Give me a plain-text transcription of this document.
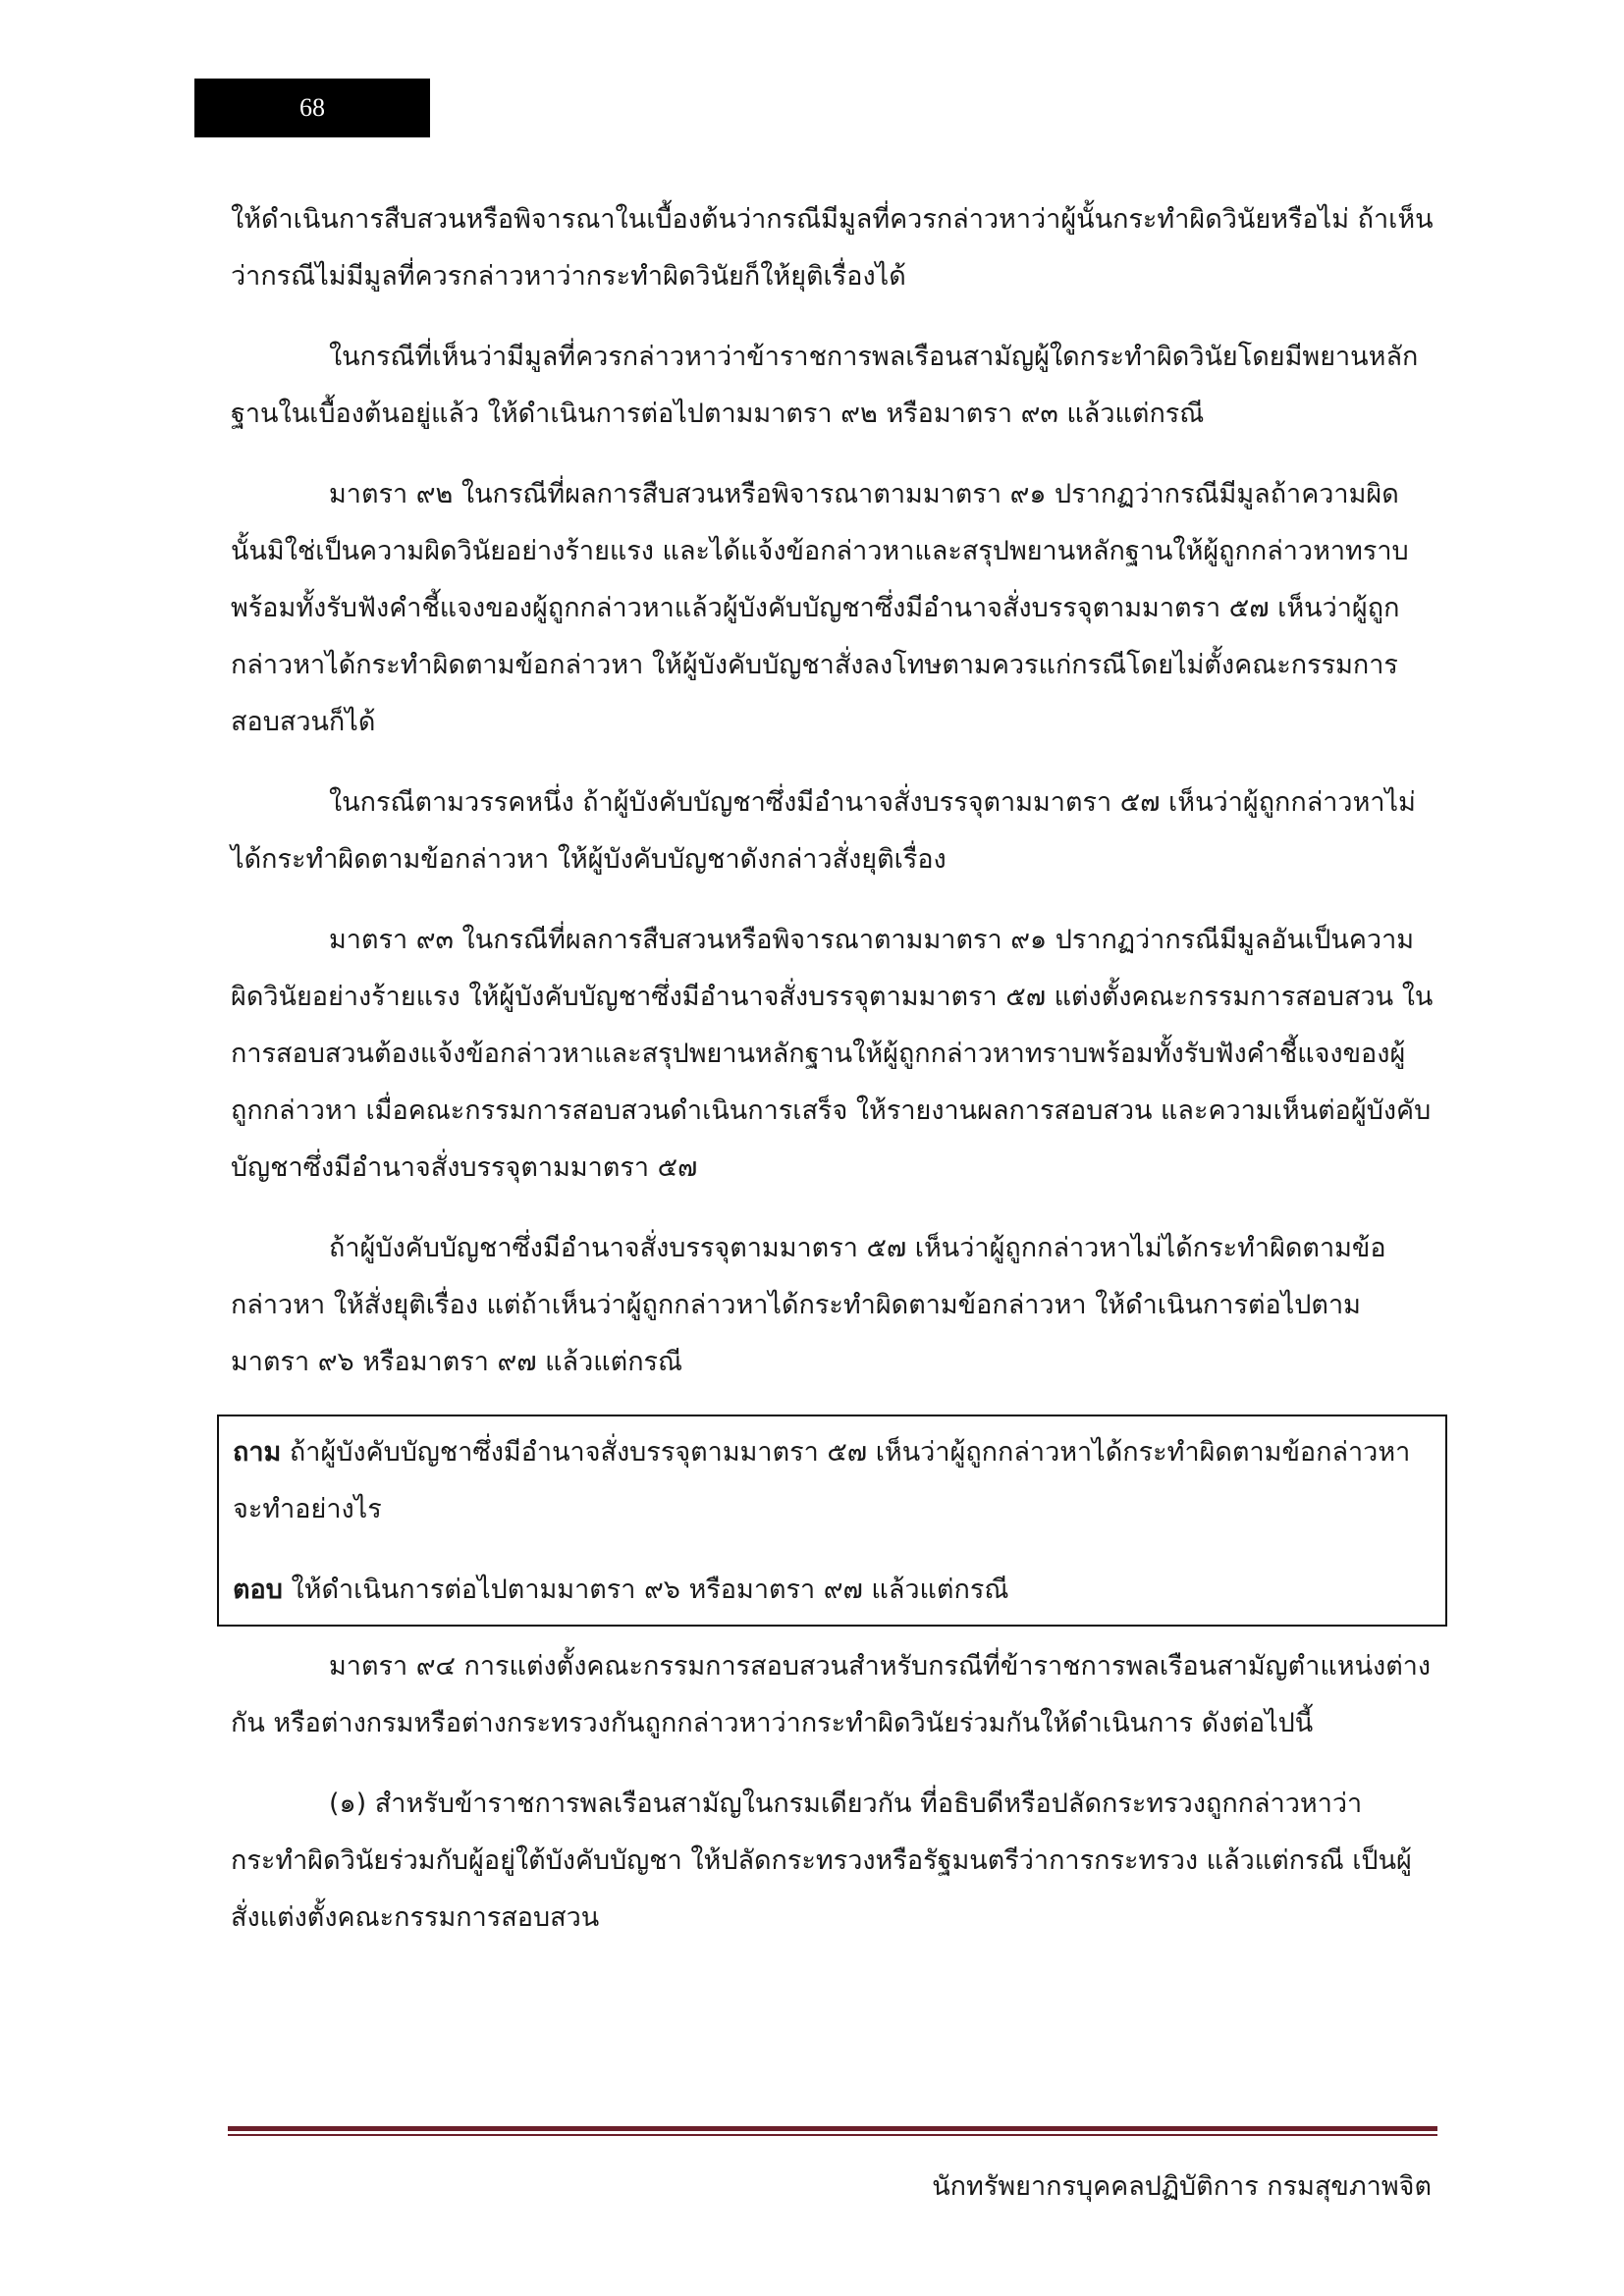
68

ให้ดำเนินการสืบสวนหรือพิจารณาในเบื้องต้นว่ากรณีมีมูลที่ควรกล่าวหาว่าผู้นั้นกระทำผิดวินัยหรือไม่ ถ้าเห็นว่ากรณีไม่มีมูลที่ควรกล่าวหาว่ากระทำผิดวินัยก็ให้ยุติเรื่องได้

ในกรณีที่เห็นว่ามีมูลที่ควรกล่าวหาว่าข้าราชการพลเรือนสามัญผู้ใดกระทำผิดวินัยโดยมีพยานหลักฐานในเบื้องต้นอยู่แล้ว ให้ดำเนินการต่อไปตามมาตรา ๙๒ หรือมาตรา ๙๓ แล้วแต่กรณี

มาตรา ๙๒ ในกรณีที่ผลการสืบสวนหรือพิจารณาตามมาตรา ๙๑ ปรากฏว่ากรณีมีมูลถ้าความผิดนั้นมิใช่เป็นความผิดวินัยอย่างร้ายแรง และได้แจ้งข้อกล่าวหาและสรุปพยานหลักฐานให้ผู้ถูกกล่าวหาทราบพร้อมทั้งรับฟังคำชี้แจงของผู้ถูกกล่าวหาแล้วผู้บังคับบัญชาซึ่งมีอำนาจสั่งบรรจุตามมาตรา ๕๗ เห็นว่าผู้ถูกกล่าวหาได้กระทำผิดตามข้อกล่าวหา ให้ผู้บังคับบัญชาสั่งลงโทษตามควรแก่กรณีโดยไม่ตั้งคณะกรรมการสอบสวนก็ได้

ในกรณีตามวรรคหนึ่ง ถ้าผู้บังคับบัญชาซึ่งมีอำนาจสั่งบรรจุตามมาตรา ๕๗ เห็นว่าผู้ถูกกล่าวหาไม่ได้กระทำผิดตามข้อกล่าวหา ให้ผู้บังคับบัญชาดังกล่าวสั่งยุติเรื่อง

มาตรา ๙๓ ในกรณีที่ผลการสืบสวนหรือพิจารณาตามมาตรา ๙๑ ปรากฏว่ากรณีมีมูลอันเป็นความผิดวินัยอย่างร้ายแรง ให้ผู้บังคับบัญชาซึ่งมีอำนาจสั่งบรรจุตามมาตรา ๕๗ แต่งตั้งคณะกรรมการสอบสวน ในการสอบสวนต้องแจ้งข้อกล่าวหาและสรุปพยานหลักฐานให้ผู้ถูกกล่าวหาทราบพร้อมทั้งรับฟังคำชี้แจงของผู้ถูกกล่าวหา เมื่อคณะกรรมการสอบสวนดำเนินการเสร็จ ให้รายงานผลการสอบสวน และความเห็นต่อผู้บังคับบัญชาซึ่งมีอำนาจสั่งบรรจุตามมาตรา ๕๗

ถ้าผู้บังคับบัญชาซึ่งมีอำนาจสั่งบรรจุตามมาตรา ๕๗ เห็นว่าผู้ถูกกล่าวหาไม่ได้กระทำผิดตามข้อกล่าวหา ให้สั่งยุติเรื่อง แต่ถ้าเห็นว่าผู้ถูกกล่าวหาได้กระทำผิดตามข้อกล่าวหา ให้ดำเนินการต่อไปตามมาตรา ๙๖ หรือมาตรา ๙๗ แล้วแต่กรณี

ถาม ถ้าผู้บังคับบัญชาซึ่งมีอำนาจสั่งบรรจุตามมาตรา ๕๗ เห็นว่าผู้ถูกกล่าวหาได้กระทำผิดตามข้อกล่าวหาจะทำอย่างไร

ตอบ ให้ดำเนินการต่อไปตามมาตรา ๙๖ หรือมาตรา ๙๗ แล้วแต่กรณี

มาตรา ๙๔ การแต่งตั้งคณะกรรมการสอบสวนสำหรับกรณีที่ข้าราชการพลเรือนสามัญตำแหน่งต่างกัน หรือต่างกรมหรือต่างกระทรวงกันถูกกล่าวหาว่ากระทำผิดวินัยร่วมกันให้ดำเนินการ ดังต่อไปนี้

(๑) สำหรับข้าราชการพลเรือนสามัญในกรมเดียวกัน ที่อธิบดีหรือปลัดกระทรวงถูกกล่าวหาว่ากระทำผิดวินัยร่วมกับผู้อยู่ใต้บังคับบัญชา ให้ปลัดกระทรวงหรือรัฐมนตรีว่าการกระทรวง แล้วแต่กรณี เป็นผู้สั่งแต่งตั้งคณะกรรมการสอบสวน

นักทรัพยากรบุคคลปฏิบัติการ กรมสุขภาพจิต
